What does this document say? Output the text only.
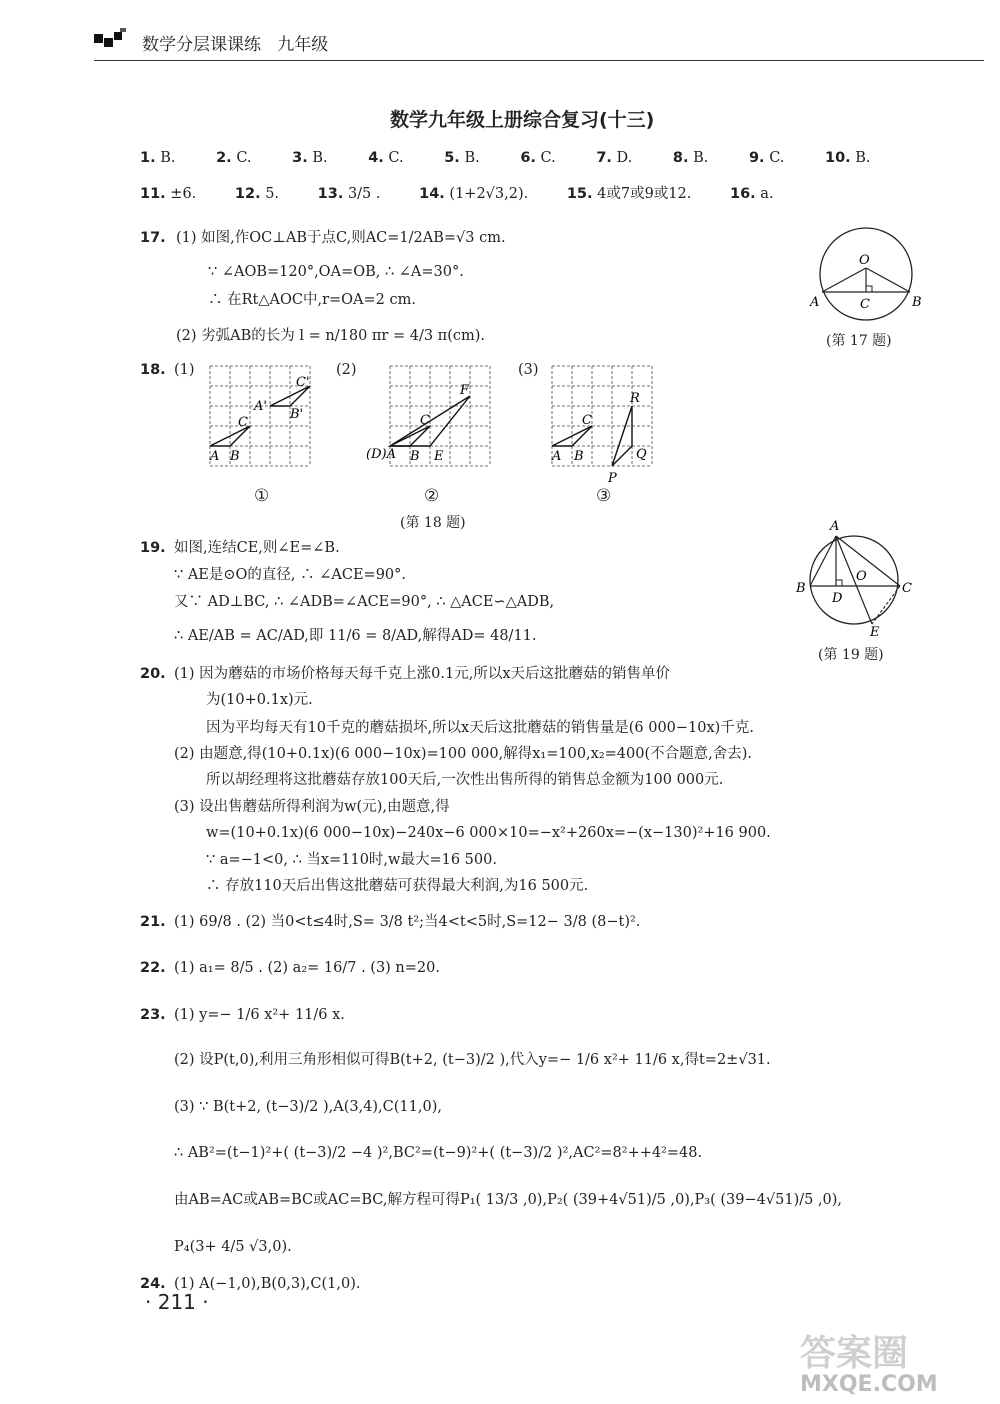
数学分层课课练 九年级
数学九年级上册综合复习(十三)
1. B.	2. C.	3. B.	4. C.	5. B.	6. C.	7. D.	8. B.	9. C.	10. B.
11. ±6.	12. 5.	13. 3/5 .	14. (1+2√3,2).	15. 4或7或9或12.	16. a.
17. (1) 如图,作OC⊥AB于点C,则AC=1/2AB=√3 cm.
∵ ∠AOB=120°,OA=OB, ∴ ∠A=30°.
∴ 在Rt△AOC中,r=OA=2 cm.
(2) 劣弧AB的长为 l = n/180 πr = 4/3 π(cm).
O
A	C	B
(第 17 题)
18. (1)	(2)	(3)
A B
C
A'
B'
C'
(D)A B E
C
F
A B
C
R
Q
P
①	②	③
(第 18 题)
19. 如图,连结CE,则∠E=∠B.
∵ AE是⊙O的直径, ∴ ∠ACE=90°.
又∵ AD⊥BC, ∴ ∠ADB=∠ACE=90°, ∴ △ACE∽△ADB,
∴ AE/AB = AC/AD,即 11/6 = 8/AD,解得AD= 48/11.
A
O
B
D
C
E
(第 19 题)
20. (1) 因为蘑菇的市场价格每天每千克上涨0.1元,所以x天后这批蘑菇的销售单价
为(10+0.1x)元.
因为平均每天有10千克的蘑菇损坏,所以x天后这批蘑菇的销售量是(6 000−10x)千克.
(2) 由题意,得(10+0.1x)(6 000−10x)=100 000,解得x₁=100,x₂=400(不合题意,舍去).
所以胡经理将这批蘑菇存放100天后,一次性出售所得的销售总金额为100 000元.
(3) 设出售蘑菇所得利润为w(元),由题意,得
w=(10+0.1x)(6 000−10x)−240x−6 000×10=−x²+260x=−(x−130)²+16 900.
∵ a=−1<0, ∴ 当x=110时,w最大=16 500.
∴ 存放110天后出售这批蘑菇可获得最大利润,为16 500元.
21. (1) 69/8 . (2) 当0<t≤4时,S= 3/8 t²;当4<t<5时,S=12− 3/8 (8−t)².
22. (1) a₁= 8/5 . (2) a₂= 16/7 . (3) n=20.
23. (1) y=− 1/6 x²+ 11/6 x.
(2) 设P(t,0),利用三角形相似可得B(t+2, (t−3)/2 ),代入y=− 1/6 x²+ 11/6 x,得t=2±√31.
(3) ∵ B(t+2, (t−3)/2 ),A(3,4),C(11,0),
∴ AB²=(t−1)²+( (t−3)/2 −4 )²,BC²=(t−9)²+( (t−3)/2 )²,AC²=8²++4²=48.
由AB=AC或AB=BC或AC=BC,解方程可得P₁( 13/3 ,0),P₂( (39+4√51)/5 ,0),P₃( (39−4√51)/5 ,0),
P₄(3+ 4/5 √3,0).
24. (1) A(−1,0),B(0,3),C(1,0).
· 211 ·
答案圈
MXQE.COM
